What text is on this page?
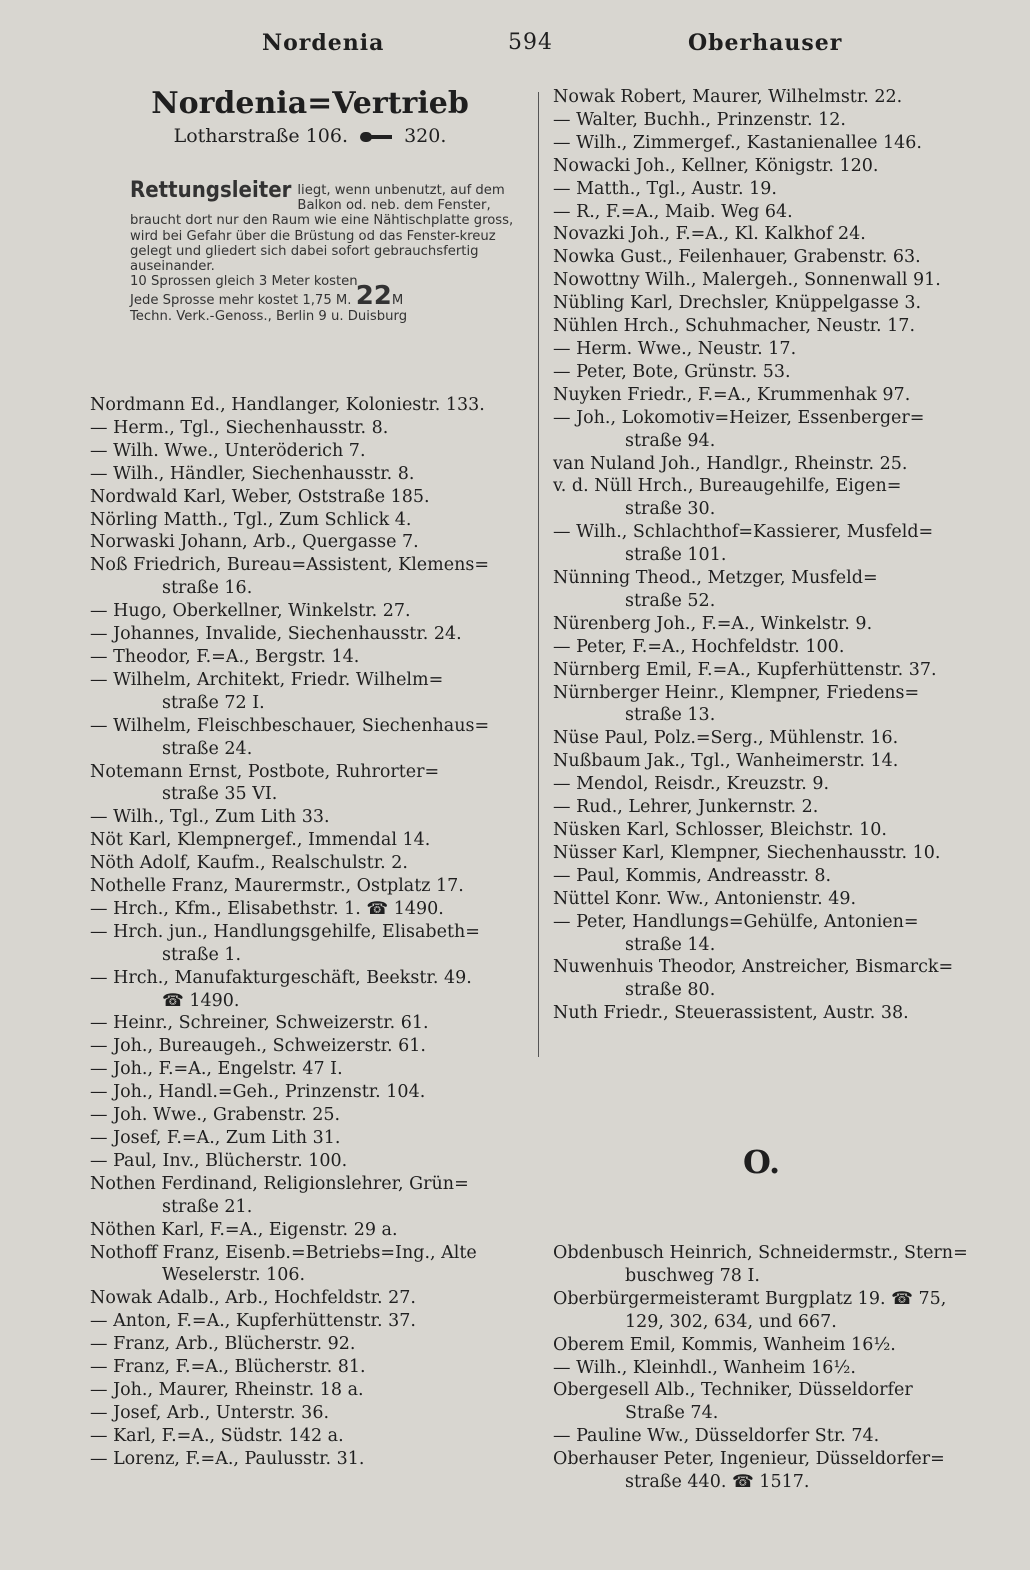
Nordenia	594	Oberhauser
Nordenia=Vertrieb
Lotharstraße 106.	320.
Rettungsleiter liegt, wenn unbenutzt, auf dem Balkon od. neb. dem Fenster, braucht dort nur den Raum wie eine Nähtischplatte gross, wird bei Gefahr über die Brüstung od das Fenster-kreuz gelegt und gliedert sich dabei sofort gebrauchsfertig auseinander.
10 Sprossen gleich 3 Meter kosten
Jede Sprosse mehr kostet 1,75 M. 22M
Techn. Verk.-Genoss., Berlin 9 u. Duisburg
Nordmann Ed., Handlanger, Koloniestr. 133.
— Herm., Tgl., Siechenhausstr. 8.
— Wilh. Wwe., Unteröderich 7.
— Wilh., Händler, Siechenhausstr. 8.
Nordwald Karl, Weber, Oststraße 185.
Nörling Matth., Tgl., Zum Schlick 4.
Norwaski Johann, Arb., Quergasse 7.
Noß Friedrich, Bureau=Assistent, Klemens=
straße 16.
— Hugo, Oberkellner, Winkelstr. 27.
— Johannes, Invalide, Siechenhausstr. 24.
— Theodor, F.=A., Bergstr. 14.
— Wilhelm, Architekt, Friedr. Wilhelm=
straße 72 I.
— Wilhelm, Fleischbeschauer, Siechenhaus=
straße 24.
Notemann Ernst, Postbote, Ruhrorter=
straße 35 VI.
— Wilh., Tgl., Zum Lith 33.
Nöt Karl, Klempnergef., Immendal 14.
Nöth Adolf, Kaufm., Realschulstr. 2.
Nothelle Franz, Maurermstr., Ostplatz 17.
— Hrch., Kfm., Elisabethstr. 1. ☎ 1490.
— Hrch. jun., Handlungsgehilfe, Elisabeth=
straße 1.
— Hrch., Manufakturgeschäft, Beekstr. 49.
☎ 1490.
— Heinr., Schreiner, Schweizerstr. 61.
— Joh., Bureaugeh., Schweizerstr. 61.
— Joh., F.=A., Engelstr. 47 I.
— Joh., Handl.=Geh., Prinzenstr. 104.
— Joh. Wwe., Grabenstr. 25.
— Josef, F.=A., Zum Lith 31.
— Paul, Inv., Blücherstr. 100.
Nothen Ferdinand, Religionslehrer, Grün=
straße 21.
Nöthen Karl, F.=A., Eigenstr. 29 a.
Nothoff Franz, Eisenb.=Betriebs=Ing., Alte
Weselerstr. 106.
Nowak Adalb., Arb., Hochfeldstr. 27.
— Anton, F.=A., Kupferhüttenstr. 37.
— Franz, Arb., Blücherstr. 92.
— Franz, F.=A., Blücherstr. 81.
— Joh., Maurer, Rheinstr. 18 a.
— Josef, Arb., Unterstr. 36.
— Karl, F.=A., Südstr. 142 a.
— Lorenz, F.=A., Paulusstr. 31.
Nowak Robert, Maurer, Wilhelmstr. 22.
— Walter, Buchh., Prinzenstr. 12.
— Wilh., Zimmergef., Kastanienallee 146.
Nowacki Joh., Kellner, Königstr. 120.
— Matth., Tgl., Austr. 19.
— R., F.=A., Maib. Weg 64.
Novazki Joh., F.=A., Kl. Kalkhof 24.
Nowka Gust., Feilenhauer, Grabenstr. 63.
Nowottny Wilh., Malergeh., Sonnenwall 91.
Nübling Karl, Drechsler, Knüppelgasse 3.
Nühlen Hrch., Schuhmacher, Neustr. 17.
— Herm. Wwe., Neustr. 17.
— Peter, Bote, Grünstr. 53.
Nuyken Friedr., F.=A., Krummenhak 97.
— Joh., Lokomotiv=Heizer, Essenberger=
straße 94.
van Nuland Joh., Handlgr., Rheinstr. 25.
v. d. Nüll Hrch., Bureaugehilfe, Eigen=
straße 30.
— Wilh., Schlachthof=Kassierer, Musfeld=
straße 101.
Nünning Theod., Metzger, Musfeld=
straße 52.
Nürenberg Joh., F.=A., Winkelstr. 9.
— Peter, F.=A., Hochfeldstr. 100.
Nürnberg Emil, F.=A., Kupferhüttenstr. 37.
Nürnberger Heinr., Klempner, Friedens=
straße 13.
Nüse Paul, Polz.=Serg., Mühlenstr. 16.
Nußbaum Jak., Tgl., Wanheimerstr. 14.
— Mendol, Reisdr., Kreuzstr. 9.
— Rud., Lehrer, Junkernstr. 2.
Nüsken Karl, Schlosser, Bleichstr. 10.
Nüsser Karl, Klempner, Siechenhausstr. 10.
— Paul, Kommis, Andreasstr. 8.
Nüttel Konr. Ww., Antonienstr. 49.
— Peter, Handlungs=Gehülfe, Antonien=
straße 14.
Nuwenhuis Theodor, Anstreicher, Bismarck=
straße 80.
Nuth Friedr., Steuerassistent, Austr. 38.
O.
Obdenbusch Heinrich, Schneidermstr., Stern=
buschweg 78 I.
Oberbürgermeisteramt Burgplatz 19. ☎ 75,
129, 302, 634, und 667.
Oberem Emil, Kommis, Wanheim 16½.
— Wilh., Kleinhdl., Wanheim 16½.
Obergesell Alb., Techniker, Düsseldorfer
Straße 74.
— Pauline Ww., Düsseldorfer Str. 74.
Oberhauser Peter, Ingenieur, Düsseldorfer=
straße 440. ☎ 1517.
